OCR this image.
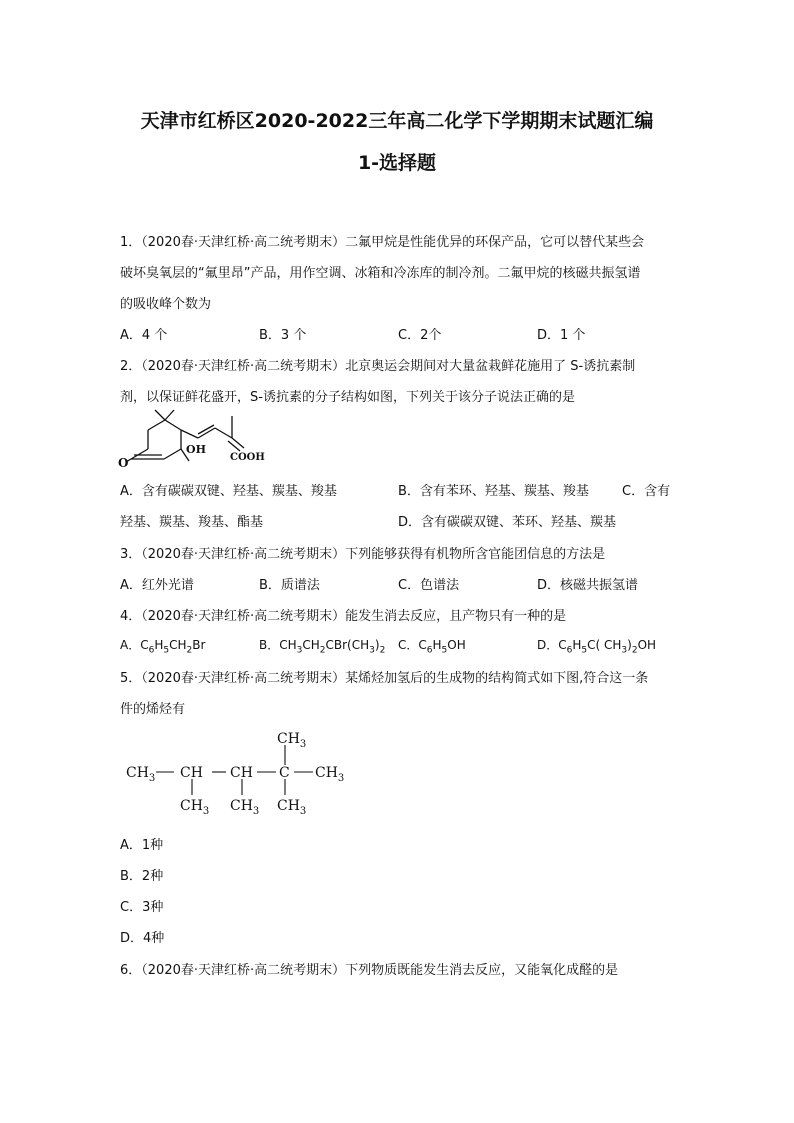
天津市红桥区2020-2022三年高二化学下学期期末试题汇编
1-选择题
1．（2020春·天津红桥·高二统考期末）二氟甲烷是性能优异的环保产品，它可以替代某些会
破坏臭氧层的“氟里昂”产品，用作空调、冰箱和冷冻库的制冷剂。二氟甲烷的核磁共振氢谱
的吸收峰个数为
A．4 个	B．3 个	C．2个	D．1 个
2．（2020春·天津红桥·高二统考期末）北京奥运会期间对大量盆栽鲜花施用了 S-诱抗素制
剂，以保证鲜花盛开，S-诱抗素的分子结构如图，下列关于该分子说法正确的是
OH
O	COOH
A．含有碳碳双键、羟基、羰基、羧基	B．含有苯环、羟基、羰基、羧基	C．含有
羟基、羰基、羧基、酯基	D．含有碳碳双键、苯环、羟基、羰基
3．（2020春·天津红桥·高二统考期末）下列能够获得有机物所含官能团信息的方法是
A．红外光谱	B．质谱法	C．色谱法	D．核磁共振氢谱
4．（2020春·天津红桥·高二统考期末）能发生消去反应，且产物只有一种的是
A．$C_6H_5CH_2Br$	B．$CH_3CH_2CBr(CH_3)_2$ C．$C_6H_5OH$	D．$C_6H_5C$( $CH_3)_2OH$
5．（2020春·天津红桥·高二统考期末）某烯烃加氢后的生成物的结构简式如下图,符合这一条
件的烯烃有
$CH_3$
$CH_3$ CH CH C $CH_3$
$CH_3$ $CH_3$ $CH_3$
A．1种
B．2种
C．3种
D．4种
6．（2020春·天津红桥·高二统考期末）下列物质既能发生消去反应，又能氧化成醛的是
